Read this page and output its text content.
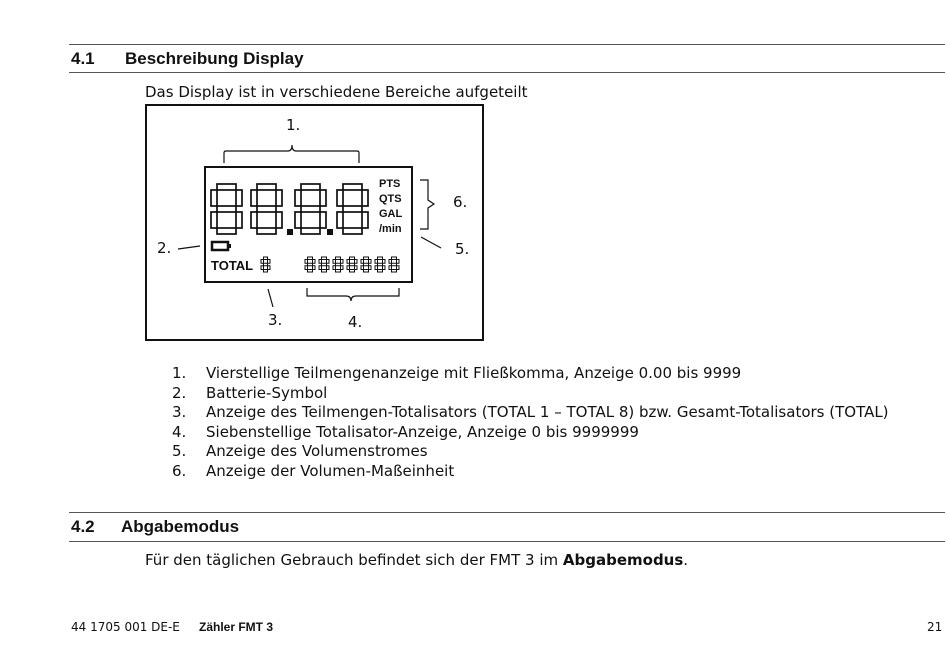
4.1 Beschreibung Display
Das Display ist in verschiedene Bereiche aufgeteilt
PTS
QTS
GAL
/min
TOTAL
1.
2.
3.	4.
5.
6.
1.	Vierstellige Teilmengenanzeige mit Fließkomma, Anzeige 0.00 bis 9999
2.	Batterie-Symbol
3.	Anzeige des Teilmengen-Totalisators (TOTAL 1 – TOTAL 8) bzw. Gesamt-Totalisators (TOTAL)
4.	Siebenstellige Totalisator-Anzeige, Anzeige 0 bis 9999999
5.	Anzeige des Volumenstromes
6.	Anzeige der Volumen-Maßeinheit
4.2 Abgabemodus
Für den täglichen Gebrauch befindet sich der FMT 3 im Abgabemodus.
44 1705 001 DE-E Zähler FMT 3	21
